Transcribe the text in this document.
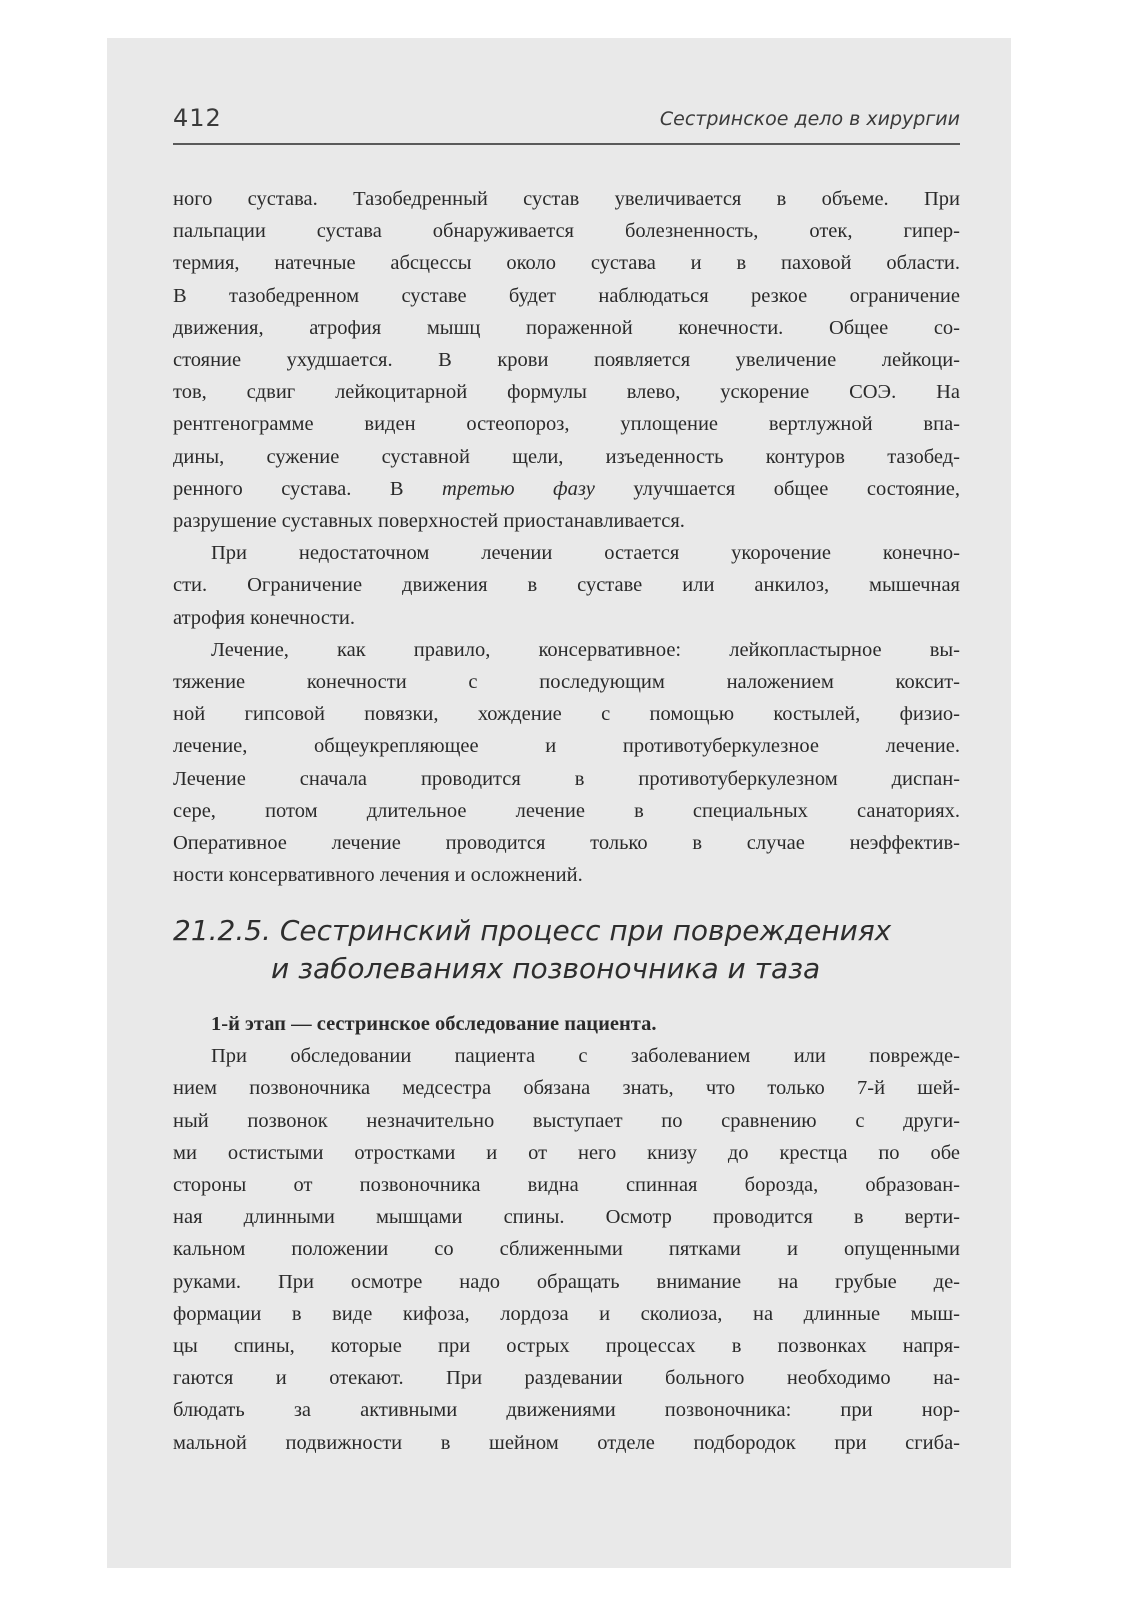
412	Сестринское дело в хирургии

ного сустава. Тазобедренный сустав увеличивается в объеме. При
пальпации сустава обнаруживается болезненность, отек, гипер-
термия, натечные абсцессы около сустава и в паховой области.
В тазобедренном суставе будет наблюдаться резкое ограничение
движения, атрофия мышц пораженной конечности. Общее со-
стояние ухудшается. В крови появляется увеличение лейкоци-
тов, сдвиг лейкоцитарной формулы влево, ускорение СОЭ. На
рентгенограмме виден остеопороз, уплощение вертлужной впа-
дины, сужение суставной щели, изъеденность контуров тазобед-
ренного сустава. В третью фазу улучшается общее состояние,
разрушение суставных поверхностей приостанавливается.

При недостаточном лечении остается укорочение конечно-
сти. Ограничение движения в суставе или анкилоз, мышечная
атрофия конечности.

Лечение, как правило, консервативное: лейкопластырное вы-
тяжение конечности с последующим наложением коксит-
ной гипсовой повязки, хождение с помощью костылей, физио-
лечение, общеукрепляющее и противотуберкулезное лечение.
Лечение сначала проводится в противотуберкулезном диспан-
сере, потом длительное лечение в специальных санаториях.
Оперативное лечение проводится только в случае неэффектив-
ности консервативного лечения и осложнений.

21.2.5. Сестринский процесс при повреждениях
и заболеваниях позвоночника и таза
1-й этап — сестринское обследование пациента.
При обследовании пациента с заболеванием или поврежде-
нием позвоночника медсестра обязана знать, что только 7-й шей-
ный позвонок незначительно выступает по сравнению с други-
ми остистыми отростками и от него книзу до крестца по обе
стороны от позвоночника видна спинная борозда, образован-
ная длинными мышцами спины. Осмотр проводится в верти-
кальном положении со сближенными пятками и опущенными
руками. При осмотре надо обращать внимание на грубые де-
формации в виде кифоза, лордоза и сколиоза, на длинные мыш-
цы спины, которые при острых процессах в позвонках напря-
гаются и отекают. При раздевании больного необходимо на-
блюдать за активными движениями позвоночника: при нор-
мальной подвижности в шейном отделе подбородок при сгиба-
